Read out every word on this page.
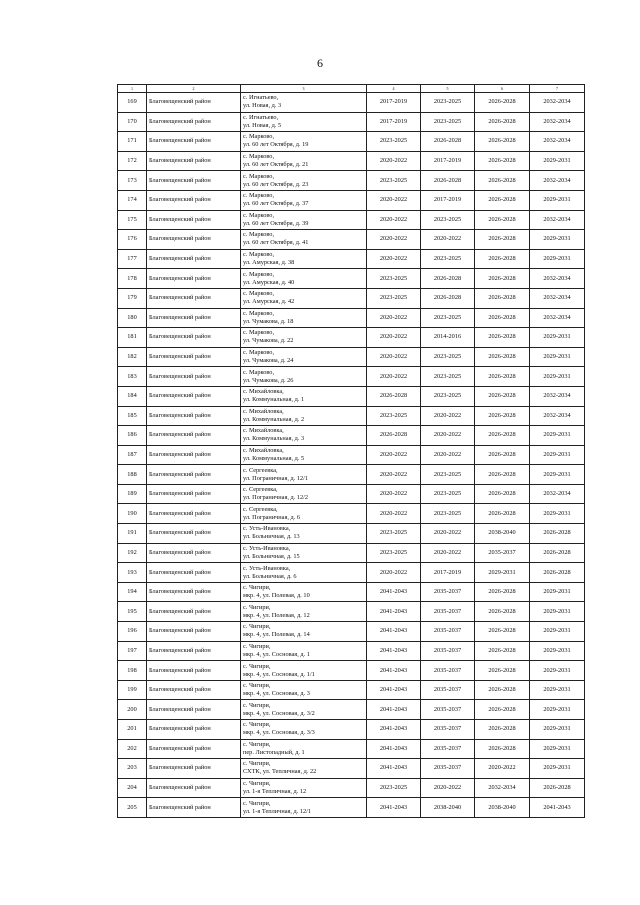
6
1	2	3	4	5	6	7
169	Благовещенский район	с. Игнатьево,
ул. Новая, д. 3	2017-2019	2023-2025	2026-2028	2032-2034
170	Благовещенский район	с. Игнатьево,
ул. Новая, д. 5	2017-2019	2023-2025	2026-2028	2032-2034
171	Благовещенский район	с. Марково,
ул. 60 лет Октября, д. 19	2023-2025	2026-2028	2026-2028	2032-2034
172	Благовещенский район	с. Марково,
ул. 60 лет Октября, д. 21	2020-2022	2017-2019	2026-2028	2029-2031
173	Благовещенский район	с. Марково,
ул. 60 лет Октября, д. 23	2023-2025	2026-2028	2026-2028	2032-2034
174	Благовещенский район	с. Марково,
ул. 60 лет Октября, д. 37	2020-2022	2017-2019	2026-2028	2029-2031
175	Благовещенский район	с. Марково,
ул. 60 лет Октября, д. 39	2020-2022	2023-2025	2026-2028	2032-2034
176	Благовещенский район	с. Марково,
ул. 60 лет Октября, д. 41	2020-2022	2020-2022	2026-2028	2029-2031
177	Благовещенский район	с. Марково,
ул. Амурская, д. 38	2020-2022	2023-2025	2026-2028	2029-2031
178	Благовещенский район	с. Марково,
ул. Амурская, д. 40	2023-2025	2026-2028	2026-2028	2032-2034
179	Благовещенский район	с. Марково,
ул. Амурская, д. 42	2023-2025	2026-2028	2026-2028	2032-2034
180	Благовещенский район	с. Марково,
ул. Чумакова, д. 18	2020-2022	2023-2025	2026-2028	2032-2034
181	Благовещенский район	с. Марково,
ул. Чумакова, д. 22	2020-2022	2014-2016	2026-2028	2029-2031
182	Благовещенский район	с. Марково,
ул. Чумакова, д. 24	2020-2022	2023-2025	2026-2028	2029-2031
183	Благовещенский район	с. Марково,
ул. Чумакова, д. 26	2020-2022	2023-2025	2026-2028	2029-2031
184	Благовещенский район	с. Михайловка,
ул. Коммунальная, д. 1	2026-2028	2023-2025	2026-2028	2032-2034
185	Благовещенский район	с. Михайловка,
ул. Коммунальная, д. 2	2023-2025	2020-2022	2026-2028	2032-2034
186	Благовещенский район	с. Михайловка,
ул. Коммунальная, д. 3	2026-2028	2020-2022	2026-2028	2029-2031
187	Благовещенский район	с. Михайловка,
ул. Коммунальная, д. 5	2020-2022	2020-2022	2026-2028	2029-2031
188	Благовещенский район	с. Сергеевка,
ул. Пограничная, д. 12/1	2020-2022	2023-2025	2026-2028	2029-2031
189	Благовещенский район	с. Сергеевка,
ул. Пограничная, д. 12/2	2020-2022	2023-2025	2026-2028	2032-2034
190	Благовещенский район	с. Сергеевка,
ул. Пограничная, д. 6	2020-2022	2023-2025	2026-2028	2029-2031
191	Благовещенский район	с. Усть-Ивановка,
ул. Больничная, д. 13	2023-2025	2020-2022	2038-2040	2026-2028
192	Благовещенский район	с. Усть-Ивановка,
ул. Больничная, д. 15	2023-2025	2020-2022	2035-2037	2026-2028
193	Благовещенский район	с. Усть-Ивановка,
ул. Больничная, д. 6	2020-2022	2017-2019	2029-2031	2026-2028
194	Благовещенский район	с. Чигири,
мкр. 4, ул. Полевая, д. 10	2041-2043	2035-2037	2026-2028	2029-2031
195	Благовещенский район	с. Чигири,
мкр. 4, ул. Полевая, д. 12	2041-2043	2035-2037	2026-2028	2029-2031
196	Благовещенский район	с. Чигири,
мкр. 4, ул. Полевая, д. 14	2041-2043	2035-2037	2026-2028	2029-2031
197	Благовещенский район	с. Чигири,
мкр. 4, ул. Сосновая, д. 1	2041-2043	2035-2037	2026-2028	2029-2031
198	Благовещенский район	с. Чигири,
мкр. 4, ул. Сосновая, д. 1/1	2041-2043	2035-2037	2026-2028	2029-2031
199	Благовещенский район	с. Чигири,
мкр. 4, ул. Сосновая, д. 3	2041-2043	2035-2037	2026-2028	2029-2031
200	Благовещенский район	с. Чигири,
мкр. 4, ул. Сосновая, д. 3/2	2041-2043	2035-2037	2026-2028	2029-2031
201	Благовещенский район	с. Чигири,
мкр. 4, ул. Сосновая, д. 3/3	2041-2043	2035-2037	2026-2028	2029-2031
202	Благовещенский район	с. Чигири,
пер. Листопадный, д. 1	2041-2043	2035-2037	2026-2028	2029-2031
203	Благовещенский район	с. Чигири,
СХТК, ул. Тепличная, д. 22	2041-2043	2035-2037	2020-2022	2029-2031
204	Благовещенский район	с. Чигири,
ул. 1-я Тепличная, д. 12	2023-2025	2020-2022	2032-2034	2026-2028
205	Благовещенский район	с. Чигири,
ул. 1-я Тепличная, д. 12/1	2041-2043	2038-2040	2038-2040	2041-2043
